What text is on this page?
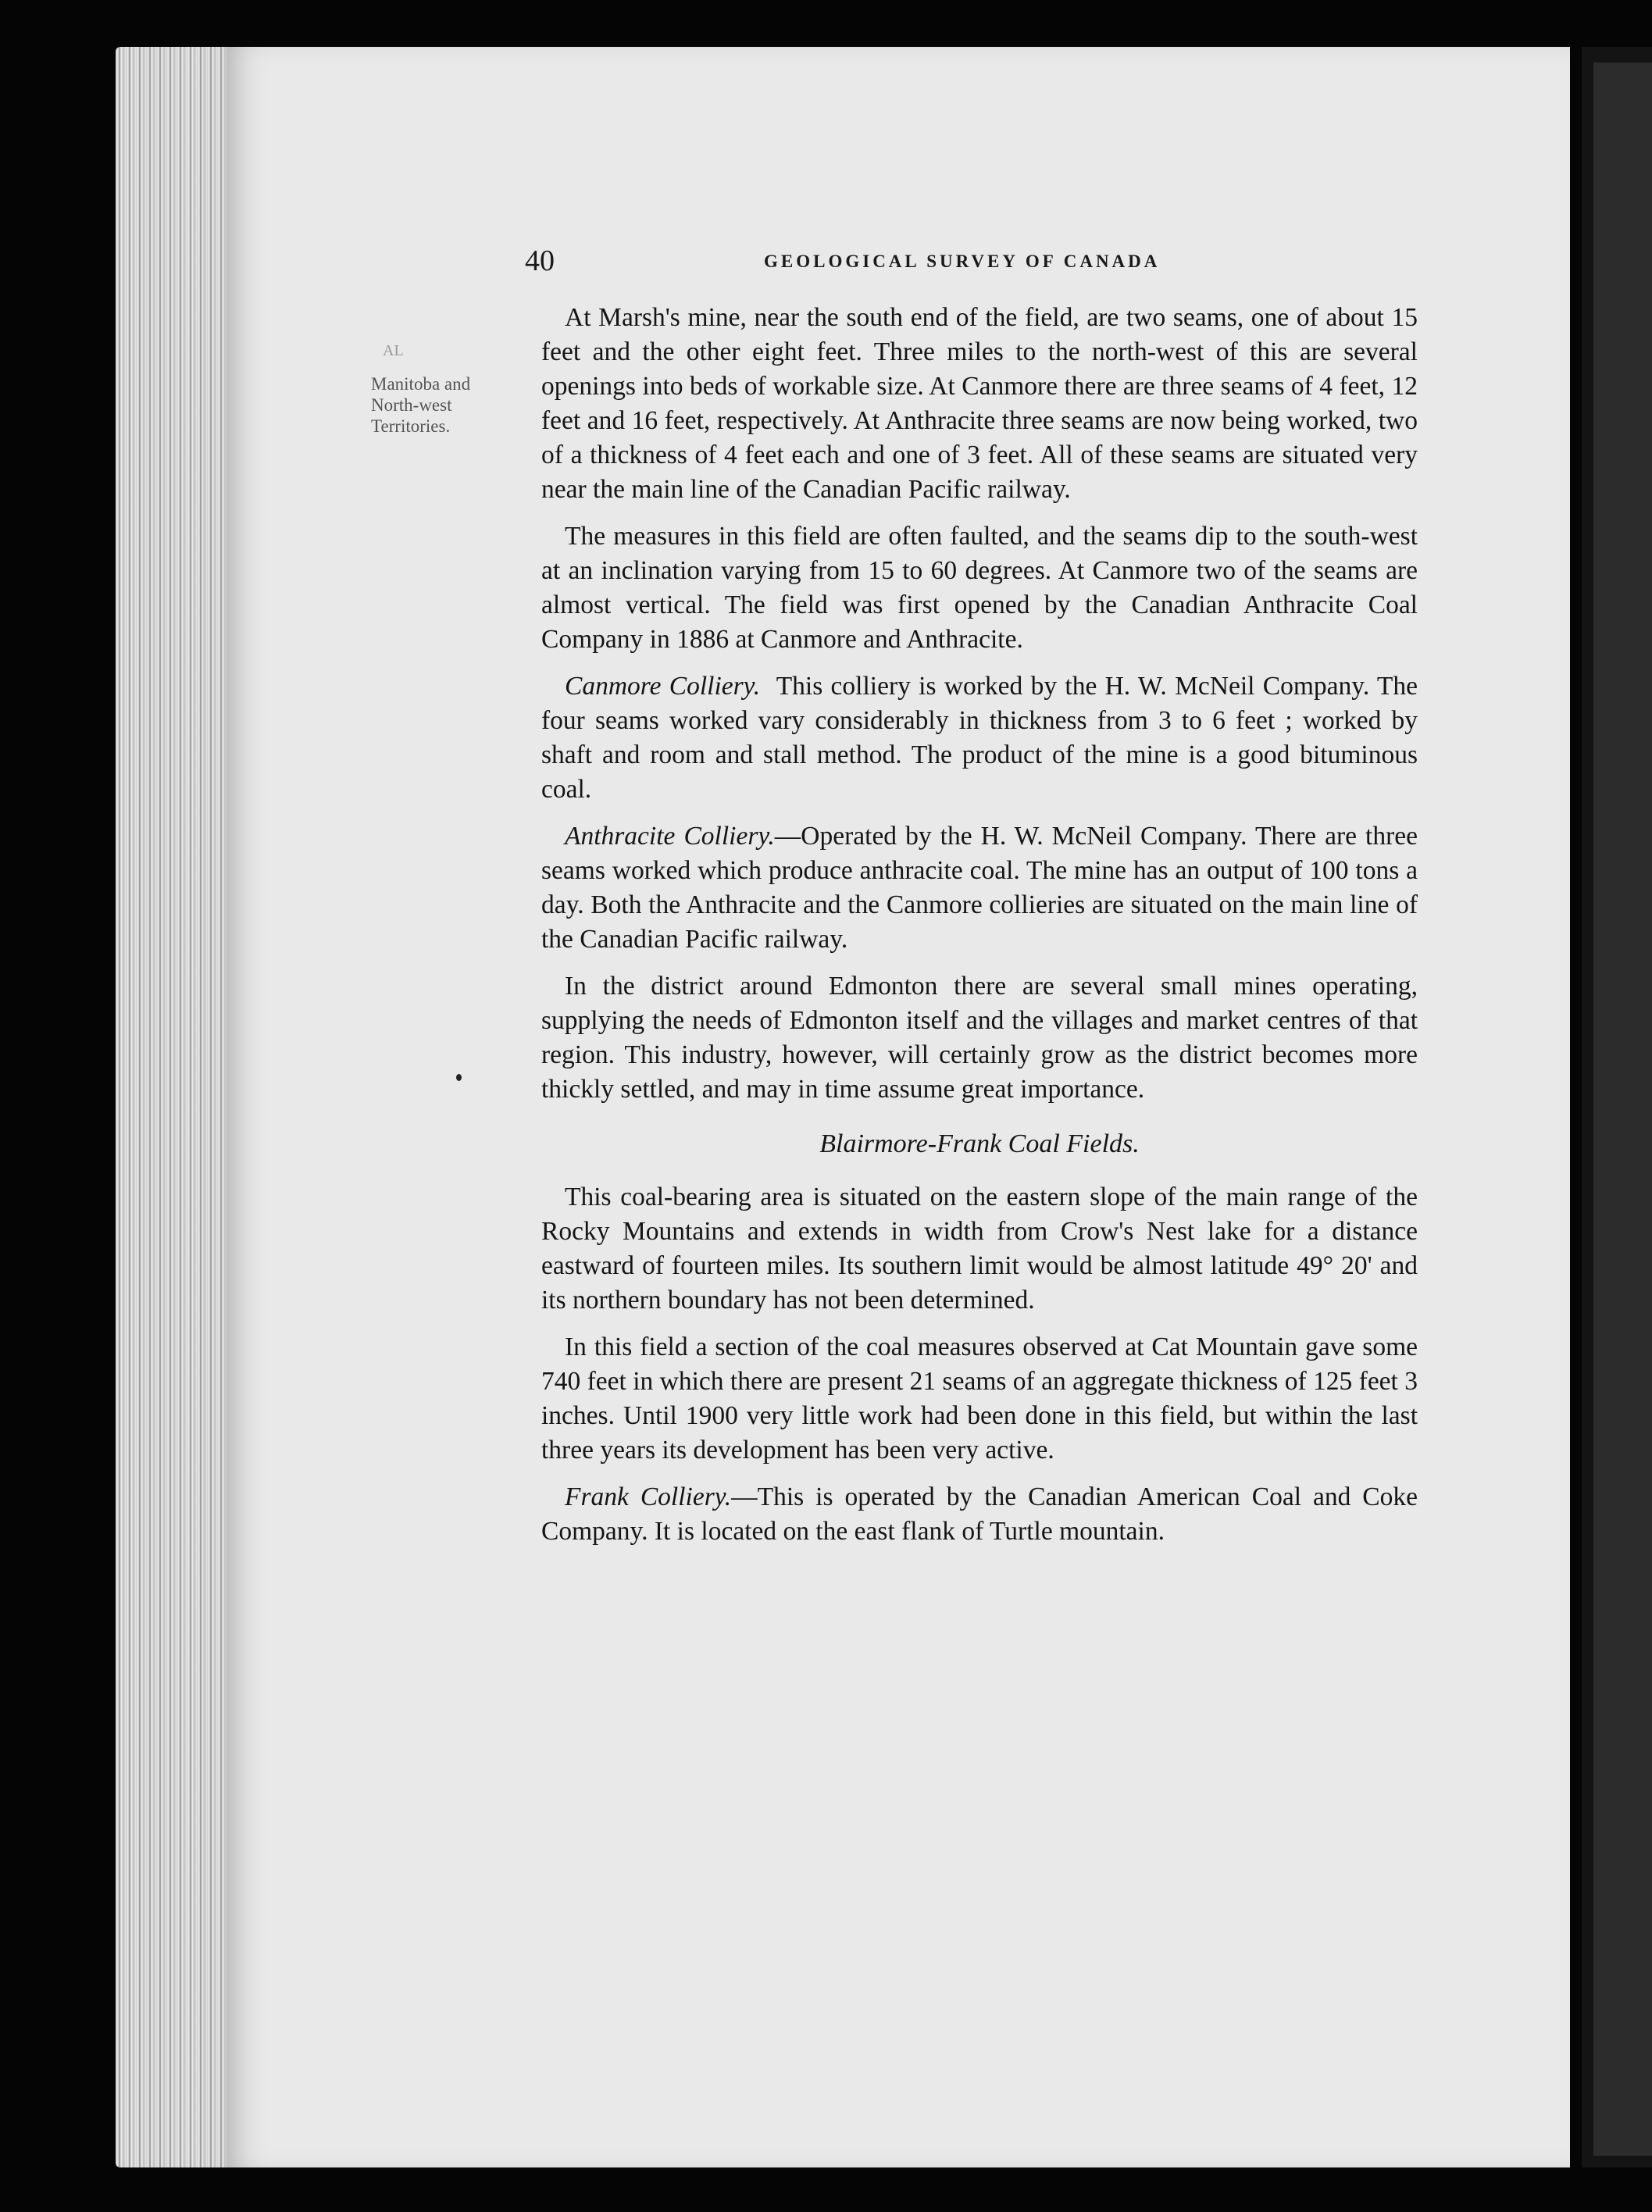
40	GEOLOGICAL SURVEY OF CANADA
AL
Manitoba and
North-west
Territories.

At Marsh's mine, near the south end of the field, are two seams, one of about 15 feet and the other eight feet. Three miles to the north-west of this are several openings into beds of workable size. At Canmore there are three seams of 4 feet, 12 feet and 16 feet, respectively. At Anthracite three seams are now being worked, two of a thickness of 4 feet each and one of 3 feet. All of these seams are situated very near the main line of the Canadian Pacific railway.

The measures in this field are often faulted, and the seams dip to the south-west at an inclination varying from 15 to 60 degrees. At Canmore two of the seams are almost vertical. The field was first opened by the Canadian Anthracite Coal Company in 1886 at Canmore and Anthracite.

Canmore Colliery. This colliery is worked by the H. W. McNeil Company. The four seams worked vary considerably in thickness from 3 to 6 feet ; worked by shaft and room and stall method. The product of the mine is a good bituminous coal.

Anthracite Colliery.—Operated by the H. W. McNeil Company. There are three seams worked which produce anthracite coal. The mine has an output of 100 tons a day. Both the Anthracite and the Canmore collieries are situated on the main line of the Canadian Pacific railway.

In the district around Edmonton there are several small mines operating, supplying the needs of Edmonton itself and the villages and market centres of that region. This industry, however, will certainly grow as the district becomes more thickly settled, and may in time assume great importance.

Blairmore-Frank Coal Fields.

This coal-bearing area is situated on the eastern slope of the main range of the Rocky Mountains and extends in width from Crow's Nest lake for a distance eastward of fourteen miles. Its southern limit would be almost latitude 49° 20' and its northern boundary has not been determined.

In this field a section of the coal measures observed at Cat Mountain gave some 740 feet in which there are present 21 seams of an aggregate thickness of 125 feet 3 inches. Until 1900 very little work had been done in this field, but within the last three years its development has been very active.

Frank Colliery.—This is operated by the Canadian American Coal and Coke Company. It is located on the east flank of Turtle mountain.
